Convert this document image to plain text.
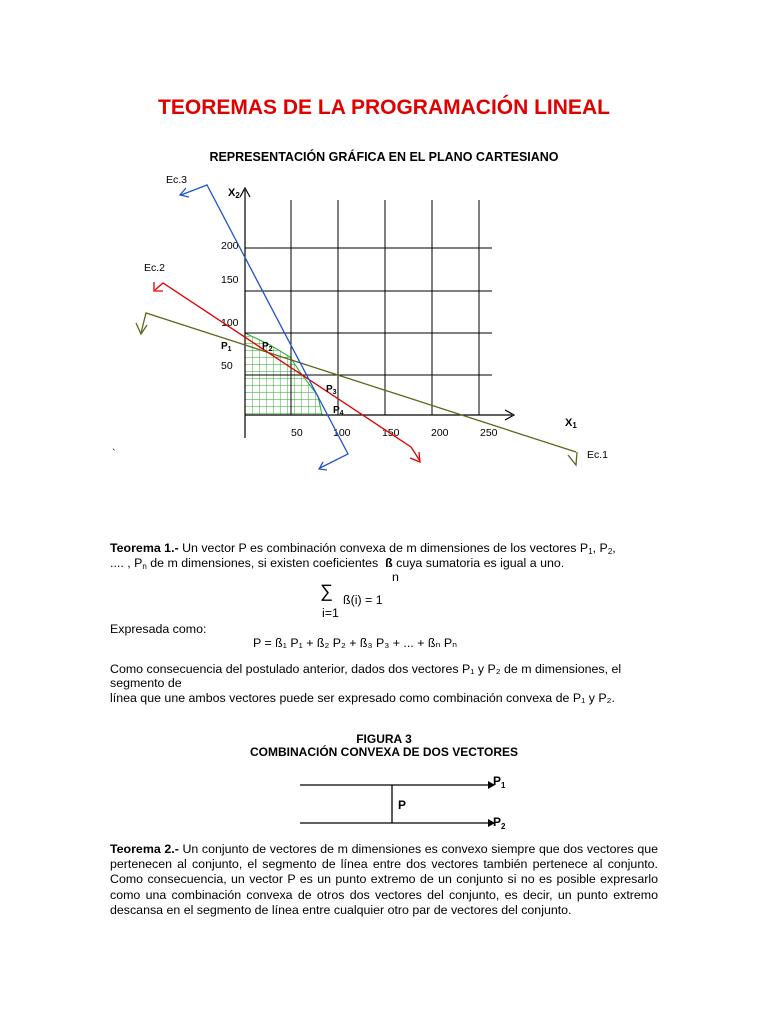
TEOREMAS DE LA PROGRAMACIÓN LINEAL
REPRESENTACIÓN GRÁFICA EN EL PLANO CARTESIANO
X2
X1
200
150
100
50
50	100	150	200	250
Ec.3
Ec.2
Ec.1
$P_1$	$P_2$
$P_3$
$P_4$
`
Teorema 1.- Un vector P es combinación convexa de m dimensiones de los vectores $P_1$, $P_2$,
.... , $P_n$ de m dimensiones, si existen coeficientes ß cuya sumatoria es igual a uno.
n
∑ ß(i) = 1
i=1
Expresada como:
P = ß₁ P₁ + ß₂ P₂ + ß₃ P₃ + ... + ßₙ Pₙ
Como consecuencia del postulado anterior, dados dos vectores P₁ y P₂ de m dimensiones, el
segmento de
línea que une ambos vectores puede ser expresado como combinación convexa de P₁ y P₂.
FIGURA 3
COMBINACIÓN CONVEXA DE DOS VECTORES
$P_1$
P
$P_2$
Teorema 2.- Un conjunto de vectores de m dimensiones es convexo siempre que dos vectores que pertenecen al conjunto, el segmento de línea entre dos vectores también pertenece al conjunto. Como consecuencia, un vector P es un punto extremo de un conjunto si no es posible expresarlo como una combinación convexa de otros dos vectores del conjunto, es decir, un punto extremo descansa en el segmento de línea entre cualquier otro par de vectores del conjunto.
